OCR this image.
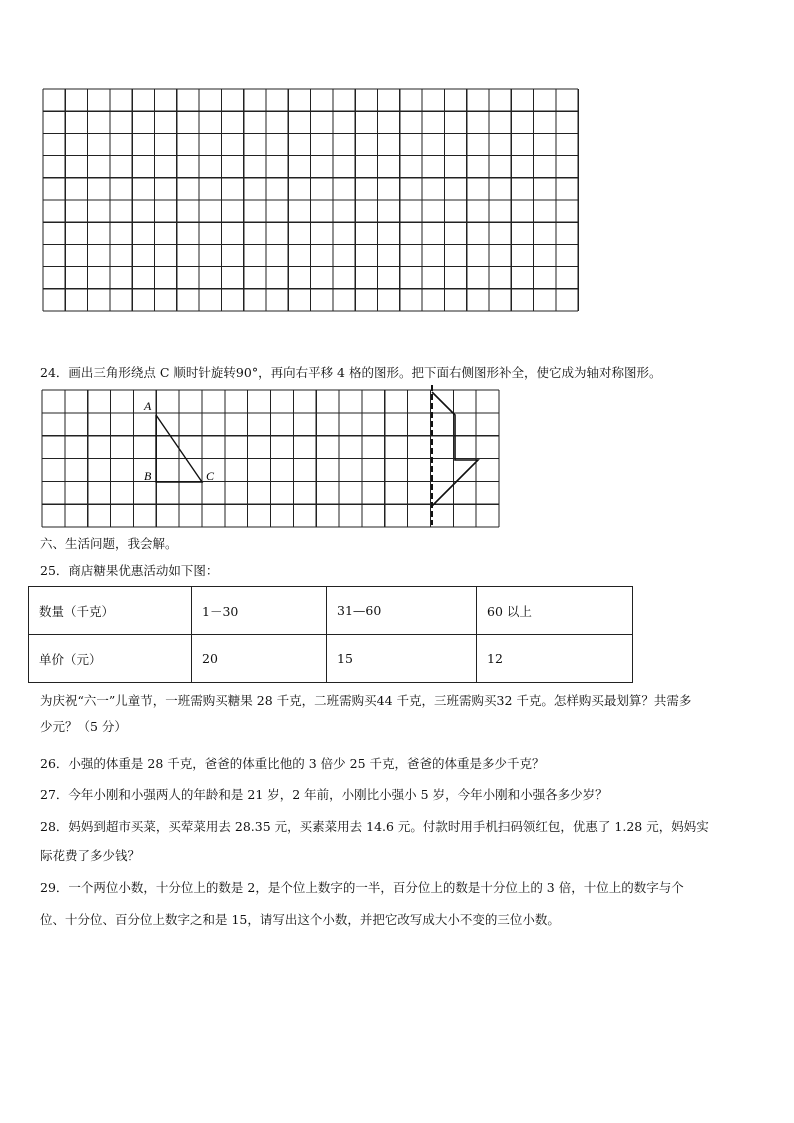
24．画出三角形绕点 C 顺时针旋转90°，再向右平移 4 格的图形。把下面右侧图形补全，使它成为轴对称图形。
A
B	C
六、生活问题，我会解。
25．商店糖果优惠活动如下图：
数量（千克）	1－30	31—60	60 以上
单价（元）	20	15	12
为庆祝“六一”儿童节，一班需购买糖果 28 千克，二班需购买44 千克，三班需购买32 千克。怎样购买最划算？共需多
少元？（5 分）
26．小强的体重是 28 千克，爸爸的体重比他的 3 倍少 25 千克，爸爸的体重是多少千克？
27．今年小刚和小强两人的年龄和是 21 岁，2 年前，小刚比小强小 5 岁，今年小刚和小强各多少岁？
28．妈妈到超市买菜，买荤菜用去 28.35 元，买素菜用去 14.6 元。付款时用手机扫码领红包，优惠了 1.28 元，妈妈实
际花费了多少钱？
29．一个两位小数，十分位上的数是 2，是个位上数字的一半，百分位上的数是十分位上的 3 倍，十位上的数字与个
位、十分位、百分位上数字之和是 15，请写出这个小数，并把它改写成大小不变的三位小数。
